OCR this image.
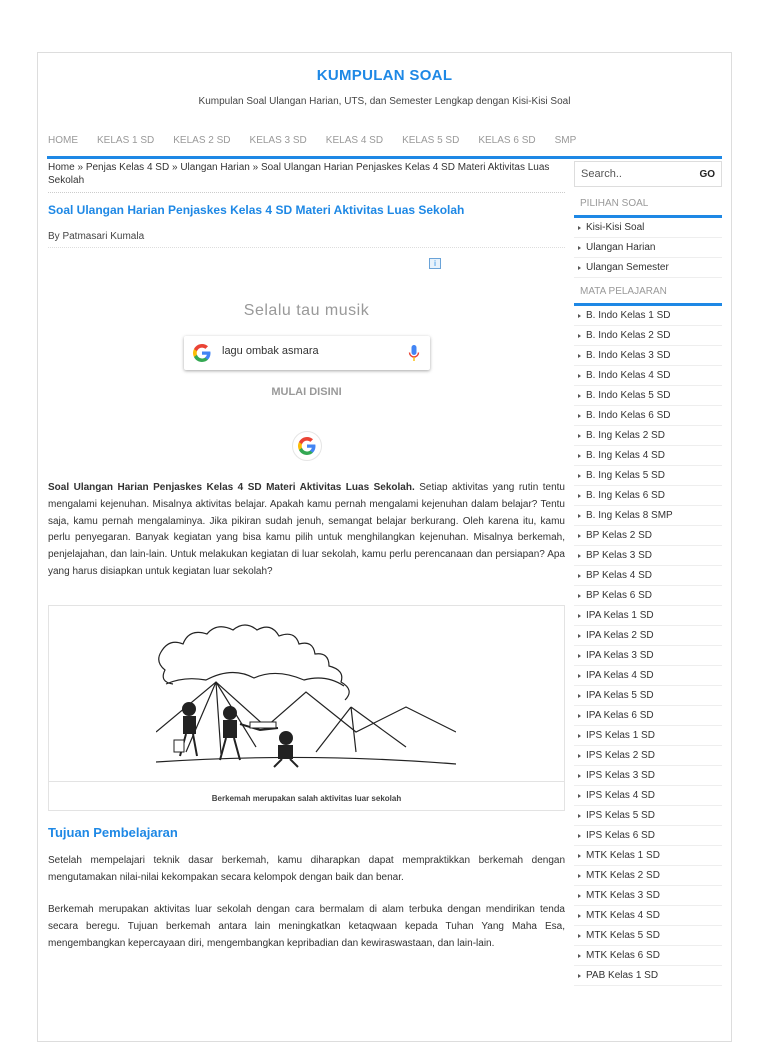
KUMPULAN SOAL
Kumpulan Soal Ulangan Harian, UTS, dan Semester Lengkap dengan Kisi-Kisi Soal
HOME KELAS 1 SD KELAS 2 SD KELAS 3 SD KELAS 4 SD KELAS 5 SD KELAS 6 SD SMP
Home » Penjas Kelas 4 SD » Ulangan Harian » Soal Ulangan Harian Penjaskes Kelas 4 SD Materi Aktivitas Luas Sekolah
Soal Ulangan Harian Penjaskes Kelas 4 SD Materi Aktivitas Luas Sekolah
By Patmasari Kumala
i
Selalu tau musik
lagu ombak asmara
MULAI DISINI

Soal Ulangan Harian Penjaskes Kelas 4 SD Materi Aktivitas Luas Sekolah. Setiap aktivitas yang rutin tentu mengalami kejenuhan. Misalnya aktivitas belajar. Apakah kamu pernah mengalami kejenuhan dalam belajar? Tentu saja, kamu pernah mengalaminya. Jika pikiran sudah jenuh, semangat belajar berkurang. Oleh karena itu, kamu perlu penyegaran. Banyak kegiatan yang bisa kamu pilih untuk menghilangkan kejenuhan. Misalnya berkemah, penjelajahan, dan lain-lain. Untuk melakukan kegiatan di luar sekolah, kamu perlu perencanaan dan persiapan? Apa yang harus disiapkan untuk kegiatan luar sekolah?

Berkemah merupakan salah aktivitas luar sekolah
Tujuan Pembelajaran

Setelah mempelajari teknik dasar berkemah, kamu diharapkan dapat mempraktikkan berkemah dengan mengutamakan nilai-nilai kekompakan secara kelompok dengan baik dan benar.

Berkemah merupakan aktivitas luar sekolah dengan cara bermalam di alam terbuka dengan mendirikan tenda secara beregu. Tujuan berkemah antara lain meningkatkan ketaqwaan kepada Tuhan Yang Maha Esa, mengembangkan kepercayaan diri, mengembangkan kepribadian dan kewiraswastaan, dan lain-lain.

Search..	GO
PILIHAN SOAL
Kisi-Kisi Soal
Ulangan Harian
Ulangan Semester
MATA PELAJARAN
B. Indo Kelas 1 SD
B. Indo Kelas 2 SD
B. Indo Kelas 3 SD
B. Indo Kelas 4 SD
B. Indo Kelas 5 SD
B. Indo Kelas 6 SD
B. Ing Kelas 2 SD
B. Ing Kelas 4 SD
B. Ing Kelas 5 SD
B. Ing Kelas 6 SD
B. Ing Kelas 8 SMP
BP Kelas 2 SD
BP Kelas 3 SD
BP Kelas 4 SD
BP Kelas 6 SD
IPA Kelas 1 SD
IPA Kelas 2 SD
IPA Kelas 3 SD
IPA Kelas 4 SD
IPA Kelas 5 SD
IPA Kelas 6 SD
IPS Kelas 1 SD
IPS Kelas 2 SD
IPS Kelas 3 SD
IPS Kelas 4 SD
IPS Kelas 5 SD
IPS Kelas 6 SD
MTK Kelas 1 SD
MTK Kelas 2 SD
MTK Kelas 3 SD
MTK Kelas 4 SD
MTK Kelas 5 SD
MTK Kelas 6 SD
PAB Kelas 1 SD
